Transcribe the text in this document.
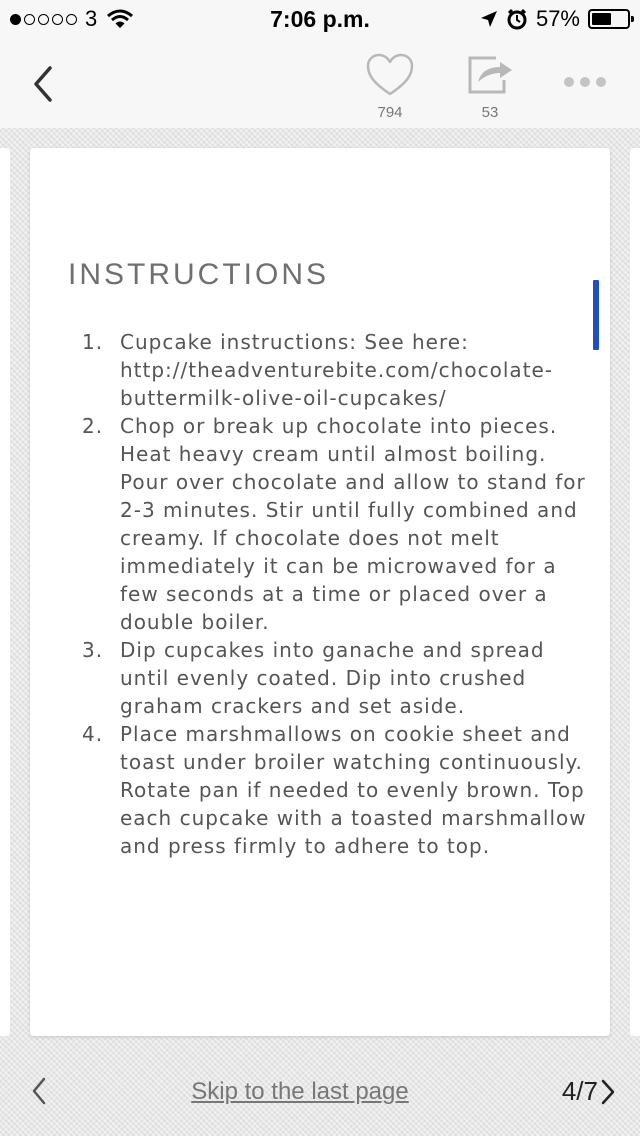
3	7:06 p.m.	57%
794	53
INSTRUCTIONS
1. Cupcake instructions: See here: http://theadventurebite.com/chocolate-buttermilk-olive-oil-cupcakes/
2. Chop or break up chocolate into pieces. Heat heavy cream until almost boiling. Pour over chocolate and allow to stand for 2-3 minutes. Stir until fully combined and creamy. If chocolate does not melt immediately it can be microwaved for a few seconds at a time or placed over a double boiler.
3. Dip cupcakes into ganache and spread until evenly coated. Dip into crushed graham crackers and set aside.
4. Place marshmallows on cookie sheet and toast under broiler watching continuously. Rotate pan if needed to evenly brown. Top each cupcake with a toasted marshmallow and press firmly to adhere to top.
Skip to the last page	4/7
